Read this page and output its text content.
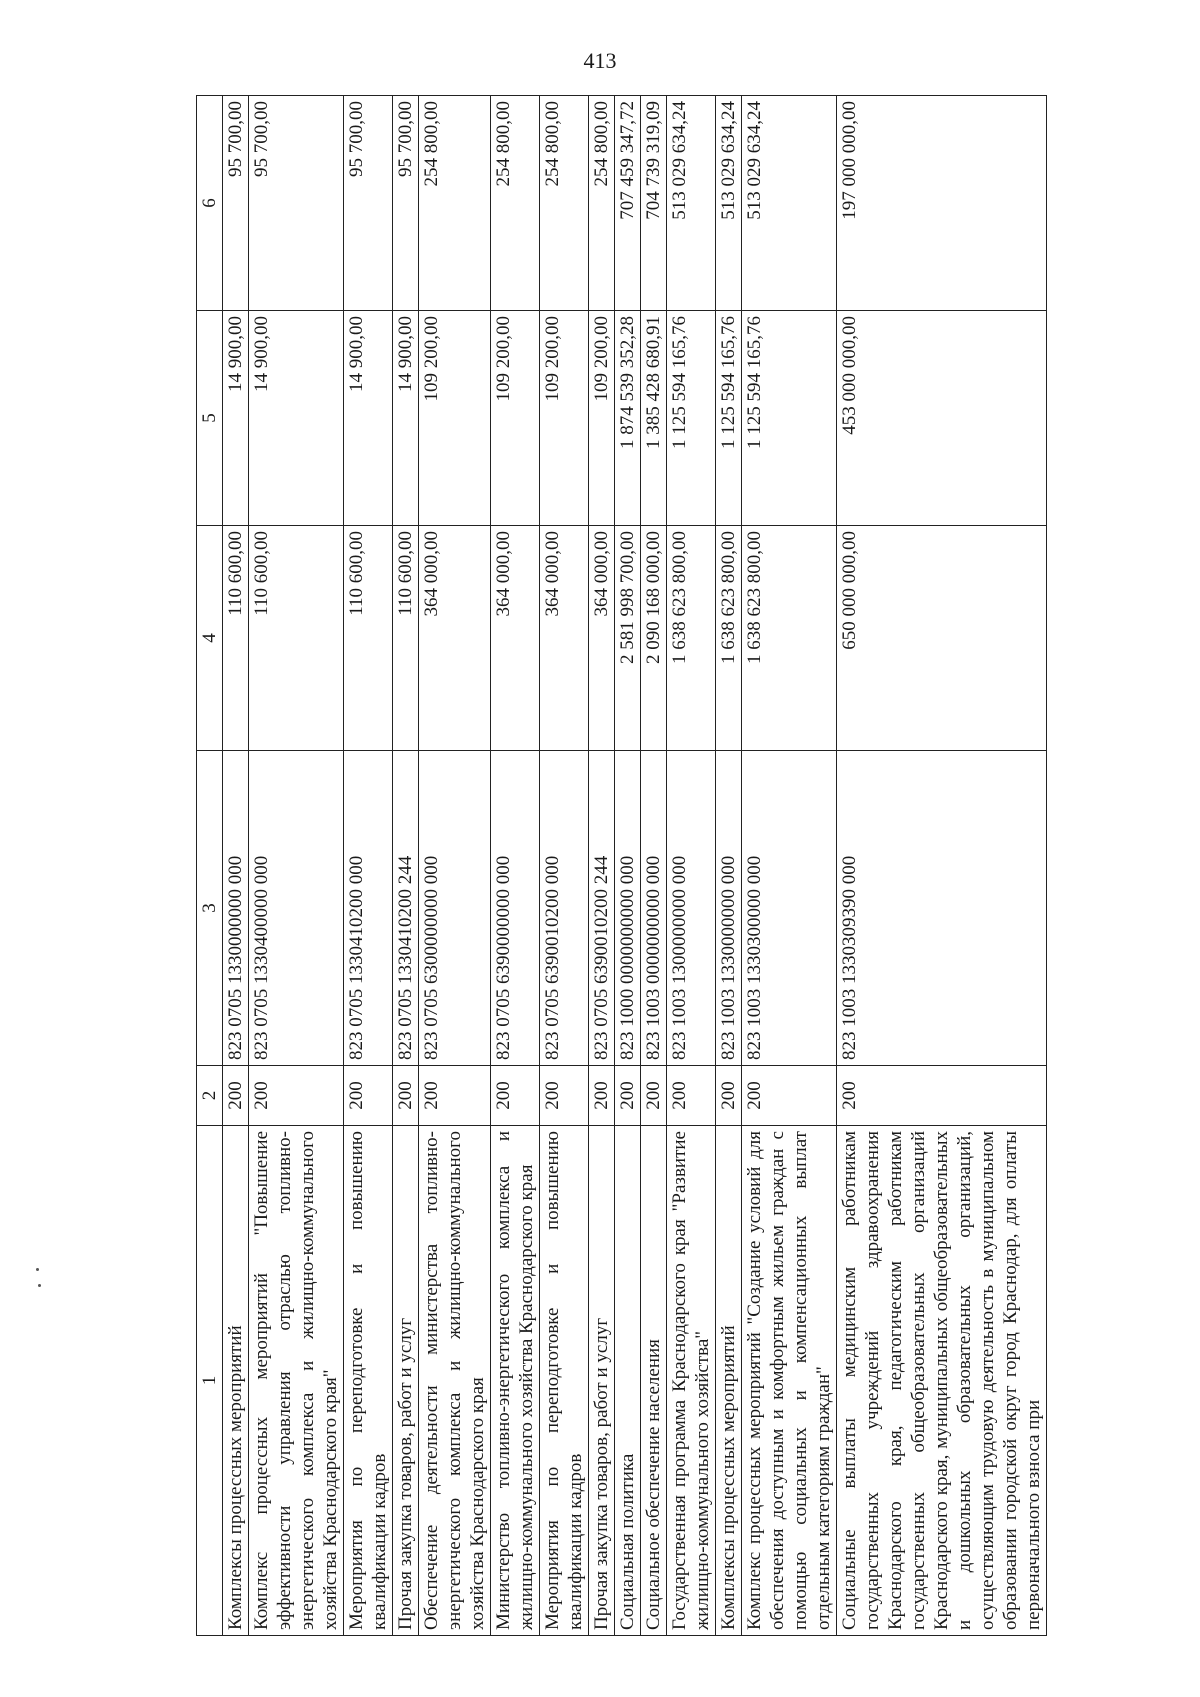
413
1	2	3	4	5	6
Комплексы процессных мероприятий	200	823 0705 1330000000 000	110 600,00	14 900,00	95 700,00
Комплекс процессных мероприятий "Повышение эффективности управления отраслью топливно-энергетического комплекса и жилищно-коммунального хозяйства Краснодарского края"	200	823 0705 1330400000 000	110 600,00	14 900,00	95 700,00
Мероприятия по переподготовке и повышению квалификации кадров	200	823 0705 1330410200 000	110 600,00	14 900,00	95 700,00
Прочая закупка товаров, работ и услуг	200	823 0705 1330410200 244	110 600,00	14 900,00	95 700,00
Обеспечение деятельности министерства топливно-энергетического комплекса и жилищно-коммунального хозяйства Краснодарского края	200	823 0705 6300000000 000	364 000,00	109 200,00	254 800,00
Министерство топливно-энергетического комплекса и жилищно-коммунального хозяйства Краснодарского края	200	823 0705 6390000000 000	364 000,00	109 200,00	254 800,00
Мероприятия по переподготовке и повышению квалификации кадров	200	823 0705 6390010200 000	364 000,00	109 200,00	254 800,00
Прочая закупка товаров, работ и услуг	200	823 0705 6390010200 244	364 000,00	109 200,00	254 800,00
Социальная политика	200	823 1000 0000000000 000	2 581 998 700,00	1 874 539 352,28	707 459 347,72
Социальное обеспечение населения	200	823 1003 0000000000 000	2 090 168 000,00	1 385 428 680,91	704 739 319,09
Государственная программа Краснодарского края "Развитие жилищно-коммунального хозяйства"	200	823 1003 1300000000 000	1 638 623 800,00	1 125 594 165,76	513 029 634,24
Комплексы процессных мероприятий	200	823 1003 1330000000 000	1 638 623 800,00	1 125 594 165,76	513 029 634,24
Комплекс процессных мероприятий "Создание условий для обеспечения доступным и комфортным жильем граждан с помощью социальных и компенсационных выплат отдельным категориям граждан"	200	823 1003 1330300000 000	1 638 623 800,00	1 125 594 165,76	513 029 634,24
Социальные выплаты медицинским работникам государственных учреждений здравоохранения Краснодарского края, педагогическим работникам государственных общеобразовательных организаций Краснодарского края, муниципальных общеобразовательных и дошкольных образовательных организаций, осуществляющим трудовую деятельность в муниципальном образовании городской округ город Краснодар, для оплаты первоначального взноса при	200	823 1003 1330309390 000	650 000 000,00	453 000 000,00	197 000 000,00
